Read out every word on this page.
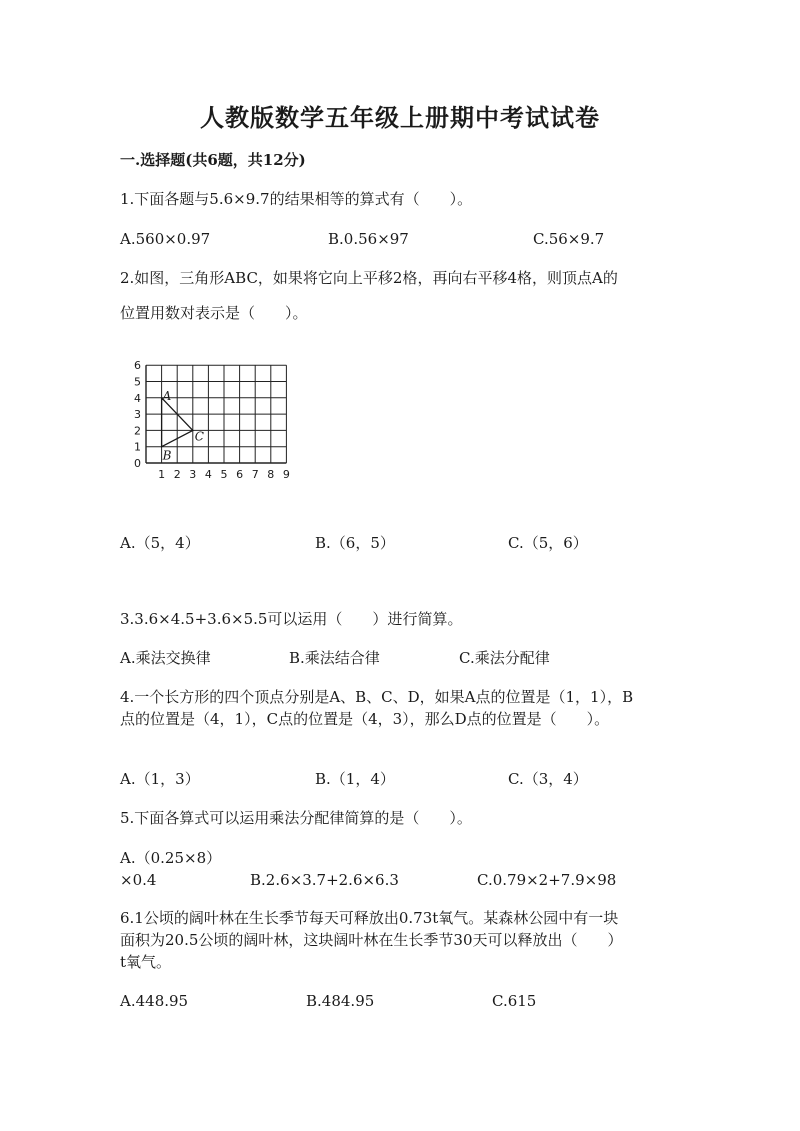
人教版数学五年级上册期中考试试卷
一.选择题(共6题，共12分)
1.下面各题与5.6×9.7的结果相等的算式有（　　）。
A.560×0.97	B.0.56×97	C.56×9.7
2.如图，三角形ABC，如果将它向上平移2格，再向右平移4格，则顶点A的
位置用数对表示是（　　）。
1 2 3 4 5 6 7 8 9
0
1
2
3
4
5
6
A
B
C
A.（5，4）	B.（6，5）	C.（5，6）
3.3.6×4.5+3.6×5.5可以运用（　　）进行简算。
A.乘法交换律	B.乘法结合律	C.乘法分配律
4.一个长方形的四个顶点分别是A、B、C、D，如果A点的位置是（1，1），B
点的位置是（4，1），C点的位置是（4，3），那么D点的位置是（　　）。
A.（1，3）	B.（1，4）	C.（3，4）
5.下面各算式可以运用乘法分配律简算的是（　　）。
A.（0.25×8）
×0.4	B.2.6×3.7+2.6×6.3	C.0.79×2+7.9×98
6.1公顷的阔叶林在生长季节每天可释放出0.73t氧气。某森林公园中有一块
面积为20.5公顷的阔叶林，这块阔叶林在生长季节30天可以释放出（　　）
t氧气。
A.448.95	B.484.95	C.615
